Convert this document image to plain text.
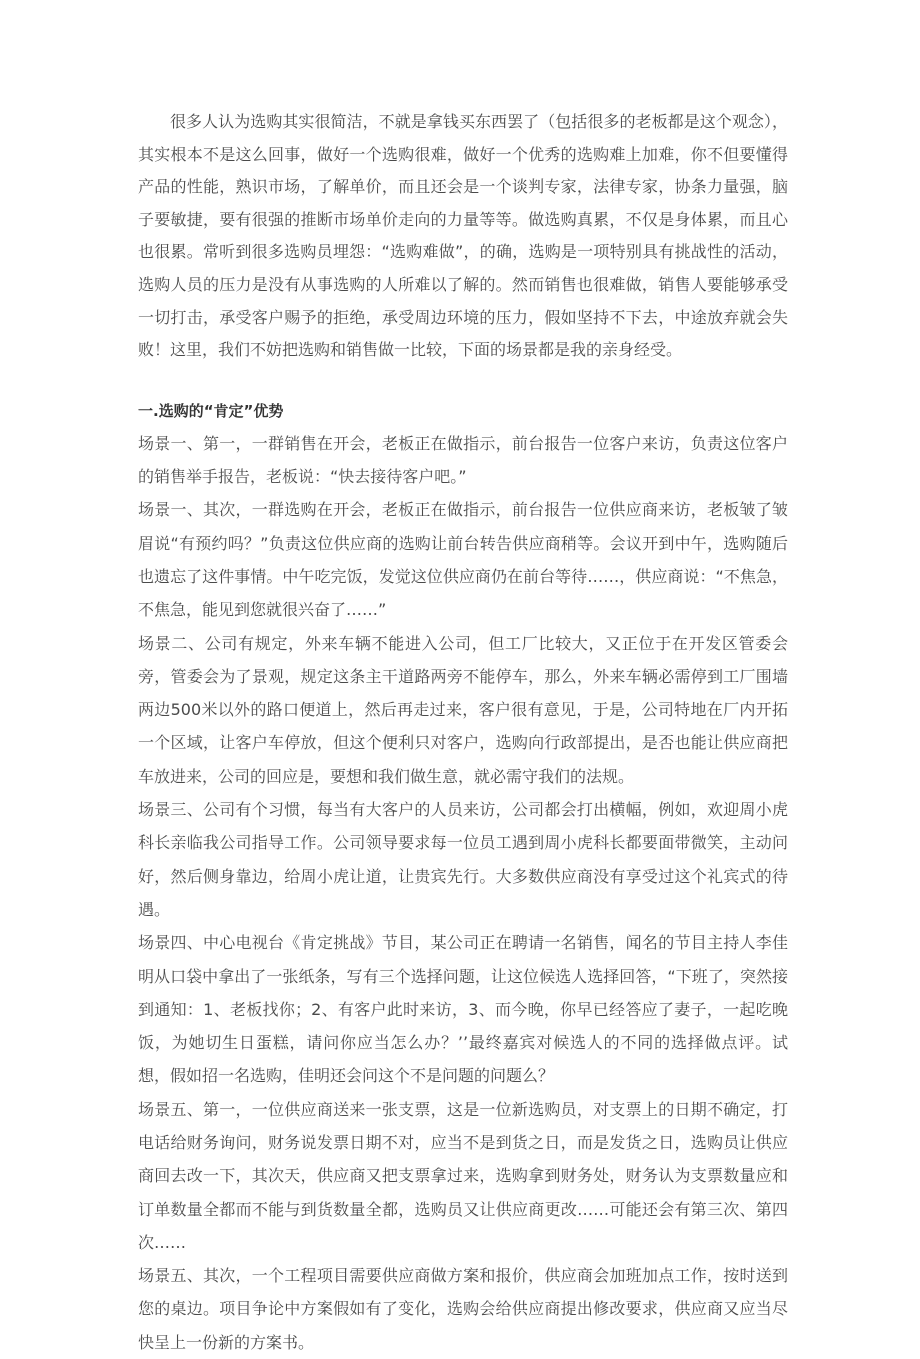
很多人认为选购其实很简洁，不就是拿钱买东西罢了（包括很多的老板都是这个观念），其实根本不是这么回事，做好一个选购很难，做好一个优秀的选购难上加难，你不但要懂得产品的性能，熟识市场，了解单价，而且还会是一个谈判专家，法律专家，协条力量强，脑子要敏捷，要有很强的推断市场单价走向的力量等等。做选购真累，不仅是身体累，而且心也很累。常听到很多选购员埋怨：“选购难做”，的确，选购是一项特别具有挑战性的活动，选购人员的压力是没有从事选购的人所难以了解的。然而销售也很难做，销售人要能够承受一切打击，承受客户赐予的拒绝，承受周边环境的压力，假如坚持不下去，中途放弃就会失败！这里，我们不妨把选购和销售做一比较，下面的场景都是我的亲身经受。

一.选购的“肯定”优势

场景一、第一，一群销售在开会，老板正在做指示，前台报告一位客户来访，负责这位客户的销售举手报告，老板说：“快去接待客户吧。”

场景一、其次，一群选购在开会，老板正在做指示，前台报告一位供应商来访，老板皱了皱眉说“有预约吗？”负责这位供应商的选购让前台转告供应商稍等。会议开到中午，选购随后也遗忘了这件事情。中午吃完饭，发觉这位供应商仍在前台等待……，供应商说：“不焦急，不焦急，能见到您就很兴奋了……”

场景二、公司有规定，外来车辆不能进入公司，但工厂比较大，又正位于在开发区管委会旁，管委会为了景观，规定这条主干道路两旁不能停车，那么，外来车辆必需停到工厂围墙两边500米以外的路口便道上，然后再走过来，客户很有意见，于是，公司特地在厂内开拓一个区域，让客户车停放，但这个便利只对客户，选购向行政部提出，是否也能让供应商把车放进来，公司的回应是，要想和我们做生意，就必需守我们的法规。

场景三、公司有个习惯，每当有大客户的人员来访，公司都会打出横幅，例如，欢迎周小虎科长亲临我公司指导工作。公司领导要求每一位员工遇到周小虎科长都要面带微笑，主动问好，然后侧身靠边，给周小虎让道，让贵宾先行。大多数供应商没有享受过这个礼宾式的待遇。

场景四、中心电视台《肯定挑战》节目，某公司正在聘请一名销售，闻名的节目主持人李佳明从口袋中拿出了一张纸条，写有三个选择问题，让这位候选人选择回答，“下班了，突然接到通知：1、老板找你；2、有客户此时来访，3、而今晚，你早已经答应了妻子，一起吃晚饭，为她切生日蛋糕，请问你应当怎么办？’’最终嘉宾对候选人的不同的选择做点评。试想，假如招一名选购，佳明还会问这个不是问题的问题么？

场景五、第一，一位供应商送来一张支票，这是一位新选购员，对支票上的日期不确定，打电话给财务询问，财务说发票日期不对，应当不是到货之日，而是发货之日，选购员让供应商回去改一下，其次天，供应商又把支票拿过来，选购拿到财务处，财务认为支票数量应和订单数量全都而不能与到货数量全都，选购员又让供应商更改……可能还会有第三次、第四次……

场景五、其次，一个工程项目需要供应商做方案和报价，供应商会加班加点工作，按时送到您的桌边。项目争论中方案假如有了变化，选购会给供应商提出修改要求，供应商又应当尽快呈上一份新的方案书。
